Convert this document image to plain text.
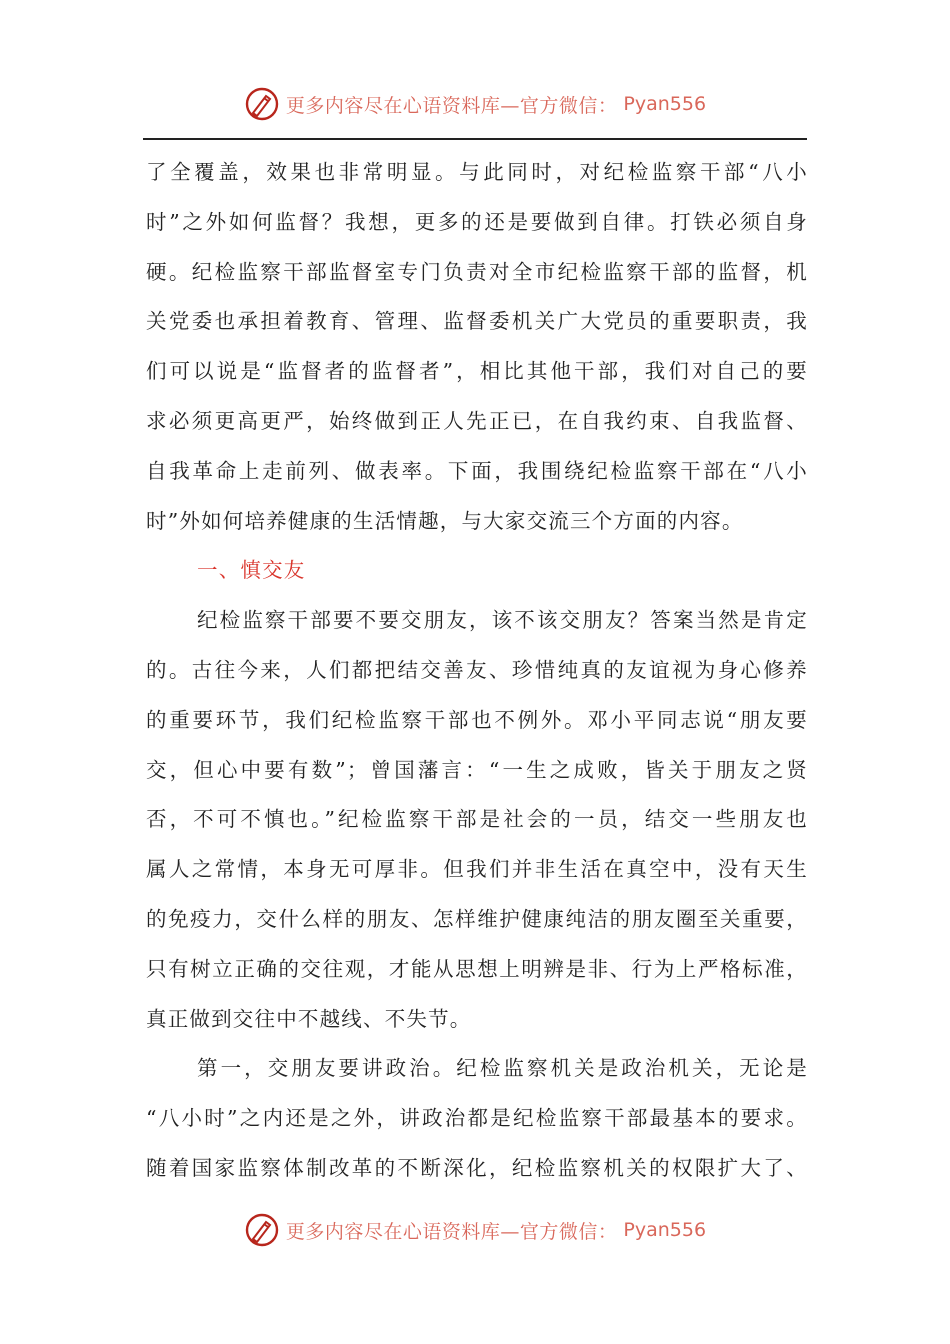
更多内容尽在心语资料库—官方微信： Pyan556
了全覆盖，效果也非常明显。与此同时，对纪检监察干部“八小
时”之外如何监督？我想，更多的还是要做到自律。打铁必须自身
硬。纪检监察干部监督室专门负责对全市纪检监察干部的监督，机
关党委也承担着教育、管理、监督委机关广大党员的重要职责，我
们可以说是“监督者的监督者”，相比其他干部，我们对自己的要
求必须更高更严，始终做到正人先正已，在自我约束、自我监督、
自我革命上走前列、做表率。下面，我围绕纪检监察干部在“八小
时”外如何培养健康的生活情趣，与大家交流三个方面的内容。
一、慎交友
纪检监察干部要不要交朋友，该不该交朋友？答案当然是肯定
的。古往今来，人们都把结交善友、珍惜纯真的友谊视为身心修养
的重要环节，我们纪检监察干部也不例外。邓小平同志说“朋友要
交，但心中要有数”；曾国藩言：“一生之成败，皆关于朋友之贤
否，不可不慎也。”纪检监察干部是社会的一员，结交一些朋友也
属人之常情，本身无可厚非。但我们并非生活在真空中，没有天生
的免疫力，交什么样的朋友、怎样维护健康纯洁的朋友圈至关重要，
只有树立正确的交往观，才能从思想上明辨是非、行为上严格标准，
真正做到交往中不越线、不失节。
第一，交朋友要讲政治。纪检监察机关是政治机关，无论是
“八小时”之内还是之外，讲政治都是纪检监察干部最基本的要求。
随着国家监察体制改革的不断深化，纪检监察机关的权限扩大了、
更多内容尽在心语资料库—官方微信： Pyan556
